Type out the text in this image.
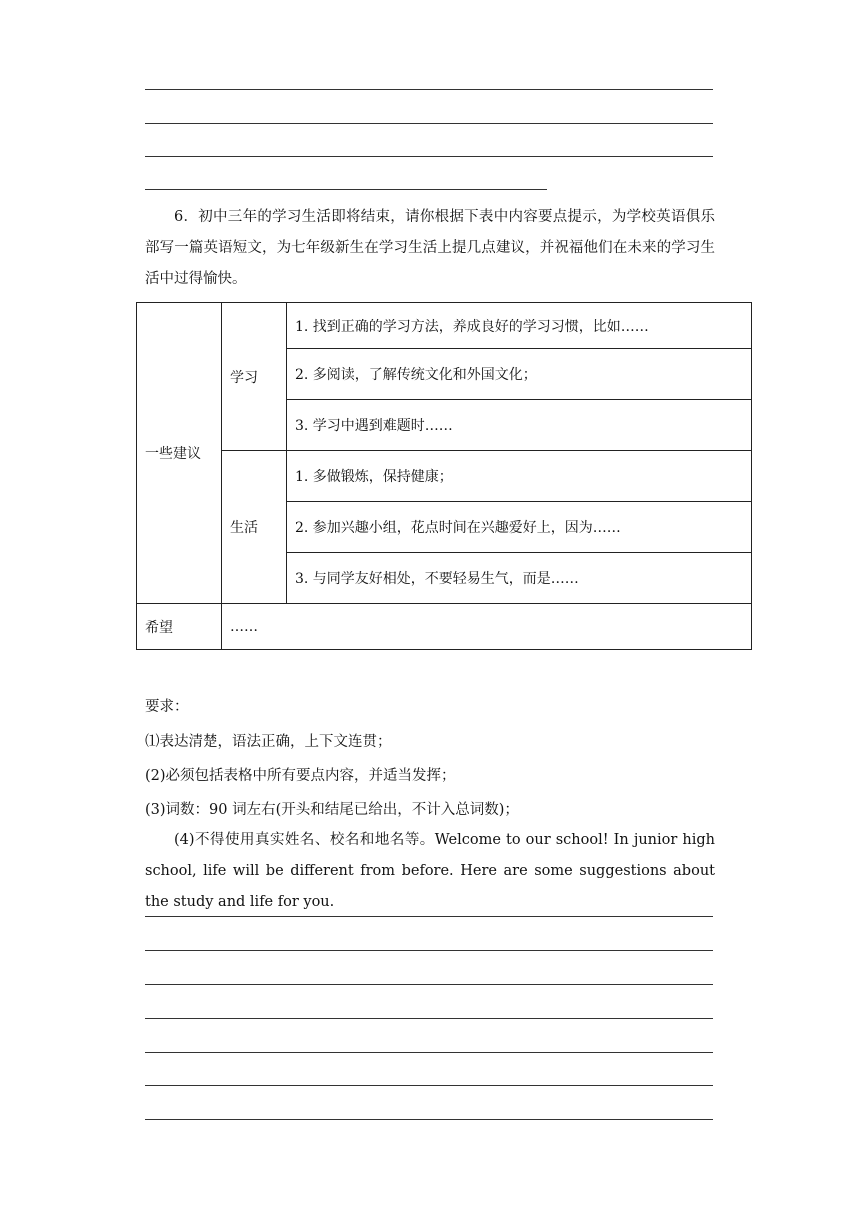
6．初中三年的学习生活即将结束，请你根据下表中内容要点提示，为学校英语俱乐部写一篇英语短文，为七年级新生在学习生活上提几点建议，并祝福他们在未来的学习生活中过得愉快。

一些建议	学习	1. 找到正确的学习方法，养成良好的学习习惯，比如……
		2. 多阅读，了解传统文化和外国文化；
		3. 学习中遇到难题时……
	生活	1. 多做锻炼，保持健康；
		2. 参加兴趣小组，花点时间在兴趣爱好上，因为……
		3. 与同学友好相处，不要轻易生气，而是……
希望	……	
要求：
⑴表达清楚，语法正确，上下文连贯；
(2)必须包括表格中所有要点内容，并适当发挥；
(3)词数：90 词左右(开头和结尾已给出，不计入总词数)；

(4)不得使用真实姓名、校名和地名等。Welcome to our school! In junior high school, life will be different from before. Here are some suggestions about the study and life for you.
